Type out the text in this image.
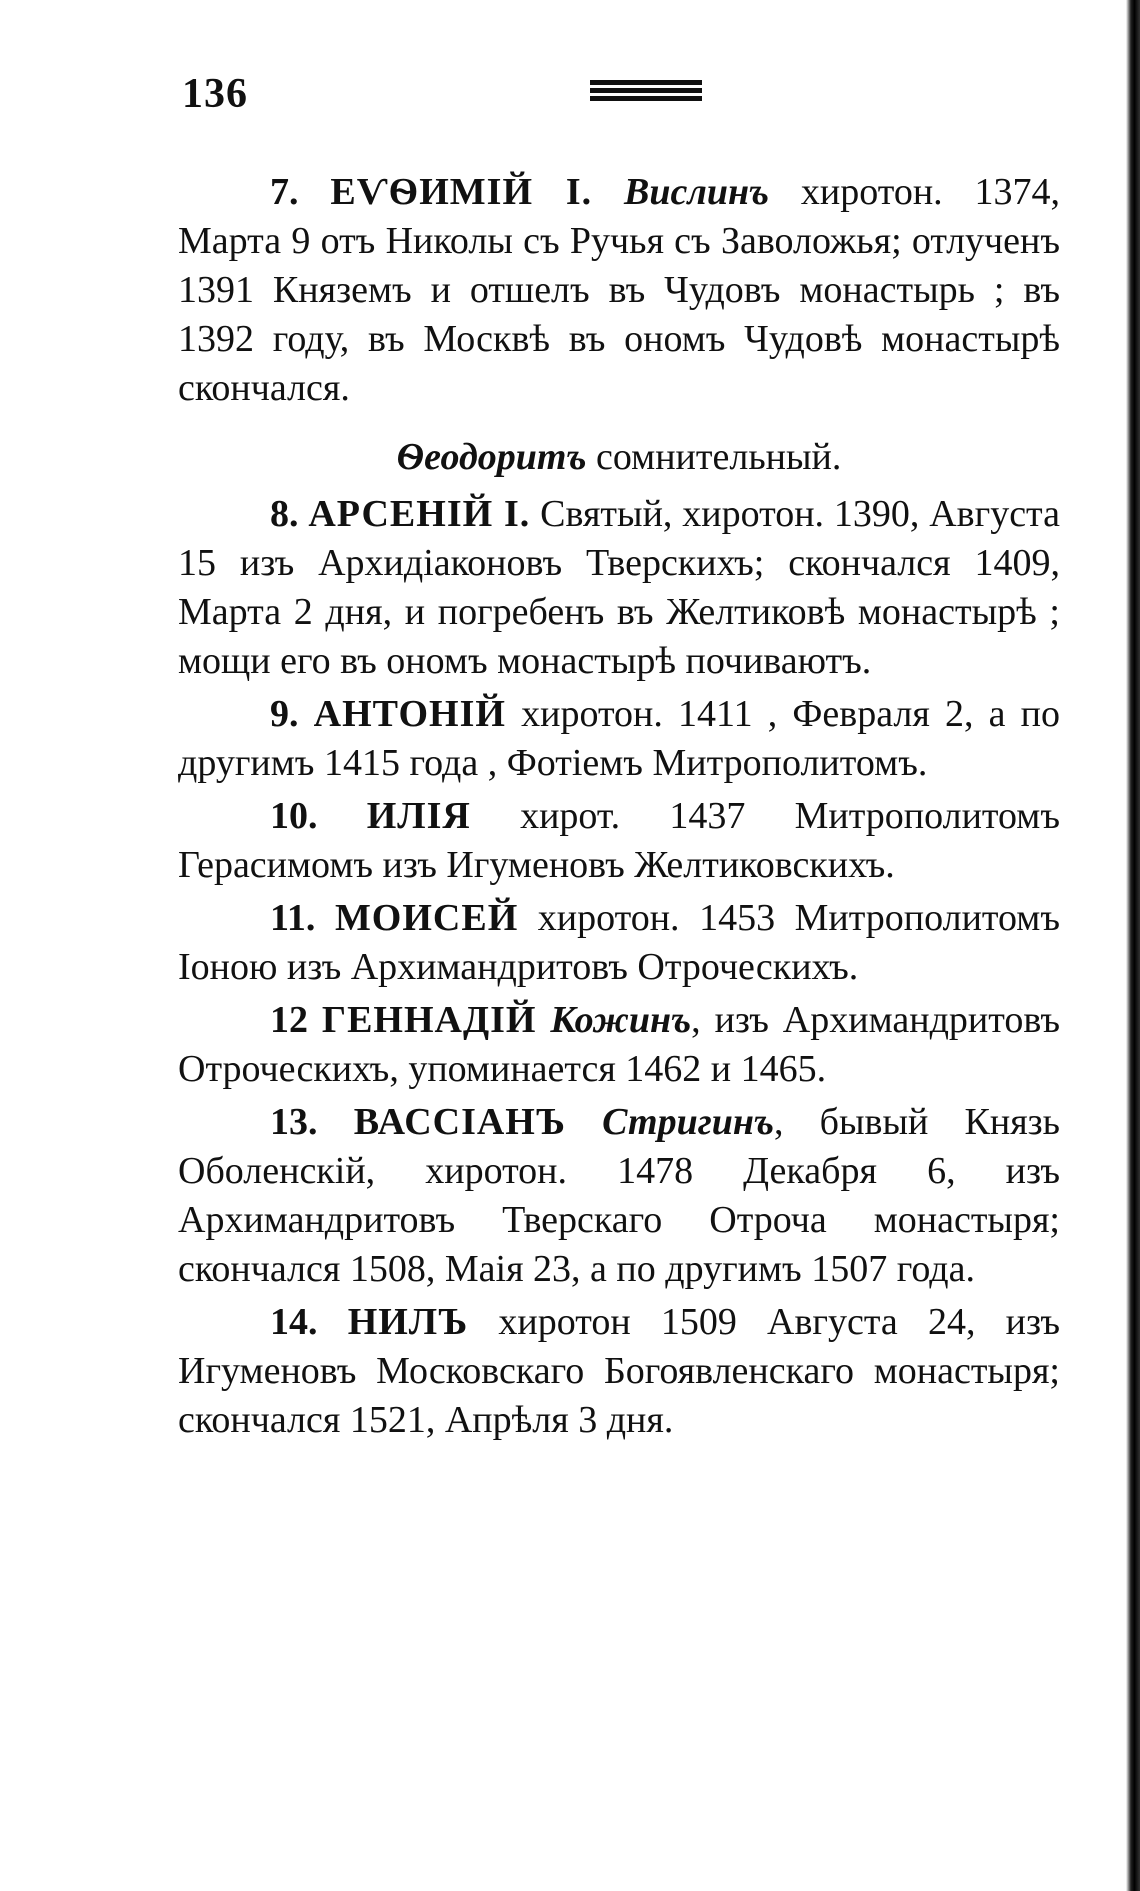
136

7. ЕѴѲИМІЙ I. Вислинъ хиротон. 1374, Марта 9 отъ Николы съ Ручья съ Заволожья; отлученъ 1391 Княземъ и отшелъ въ Чудовъ монастырь ; въ 1392 году, въ Москвѣ въ ономъ Чудовѣ монастырѣ скончался.

Ѳеодоритъ сомнительный.

8. АРСЕНІЙ I. Святый, хиротон. 1390, Августа 15 изъ Архидіаконовъ Тверскихъ; скончался 1409, Марта 2 дня, и погребенъ въ Желтиковѣ монастырѣ ; мощи его въ ономъ монастырѣ почиваютъ.

9. АНТОНІЙ хиротон. 1411 , Февраля 2, а по другимъ 1415 года , Фотіемъ Митрополитомъ.

10. ИЛІЯ хирот. 1437 Митрополитомъ Герасимомъ изъ Игуменовъ Желтиковскихъ.

11. МОИСЕЙ хиротон. 1453 Митрополитомъ Іоною изъ Архимандритовъ Отроческихъ.

12 ГЕННАДІЙ Кожинъ, изъ Архимандритовъ Отроческихъ, упоминается 1462 и 1465.

13. ВАССІАНЪ Стригинъ, бывый Князь Оболенскій, хиротон. 1478 Декабря 6, изъ Архимандритовъ Тверскаго Отроча монастыря; скончался 1508, Маія 23, а по другимъ 1507 года.

14. НИЛЪ хиротон 1509 Августа 24, изъ Игуменовъ Московскаго Богоявленскаго монастыря; скончался 1521, Апрѣля 3 дня.
